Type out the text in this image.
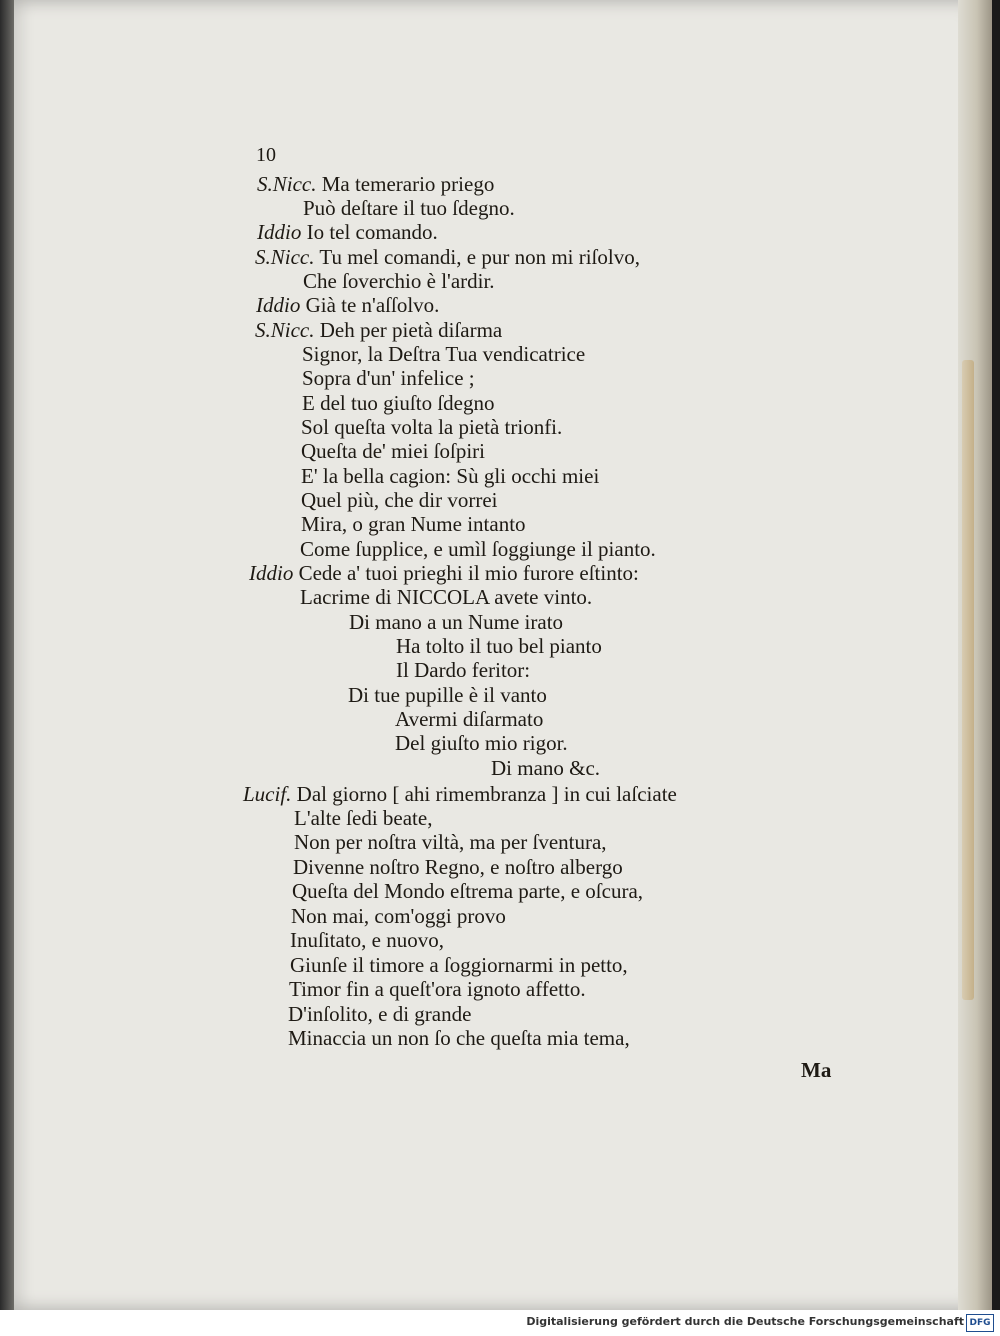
10
S.Nicc. Ma temerario priego
Può deſtare il tuo ſdegno.
Iddio Io tel comando.
S.Nicc. Tu mel comandi, e pur non mi riſolvo,
Che ſoverchio è l'ardir.
Iddio Già te n'aſſolvo.
S.Nicc. Deh per pietà diſarma
Signor, la Deſtra Tua vendicatrice
Sopra d'un' infelice ;
E del tuo giuſto ſdegno
Sol queſta volta la pietà trionfi.
Queſta de' miei ſoſpiri
E' la bella cagion: Sù gli occhi miei
Quel più, che dir vorrei
Mira, o gran Nume intanto
Come ſupplice, e umìl ſoggiunge il pianto.
Iddio Cede a' tuoi prieghi il mio furore eſtinto:
Lacrime di NICCOLA avete vinto.
Di mano a un Nume irato
Ha tolto il tuo bel pianto
Il Dardo feritor:
Di tue pupille è il vanto
Avermi diſarmato
Del giuſto mio rigor.
Di mano &c.
Lucif. Dal giorno [ ahi rimembranza ] in cui laſciate
L'alte ſedi beate,
Non per noſtra viltà, ma per ſventura,
Divenne noſtro Regno, e noſtro albergo
Queſta del Mondo eſtrema parte, e oſcura,
Non mai, com'oggi provo
Inuſitato, e nuovo,
Giunſe il timore a ſoggiornarmi in petto,
Timor fin a queſt'ora ignoto affetto.
D'inſolito, e di grande
Minaccia un non ſo che queſta mia tema,
Ma
Digitalisierung gefördert durch die Deutsche Forschungsgemeinschaft DFG
